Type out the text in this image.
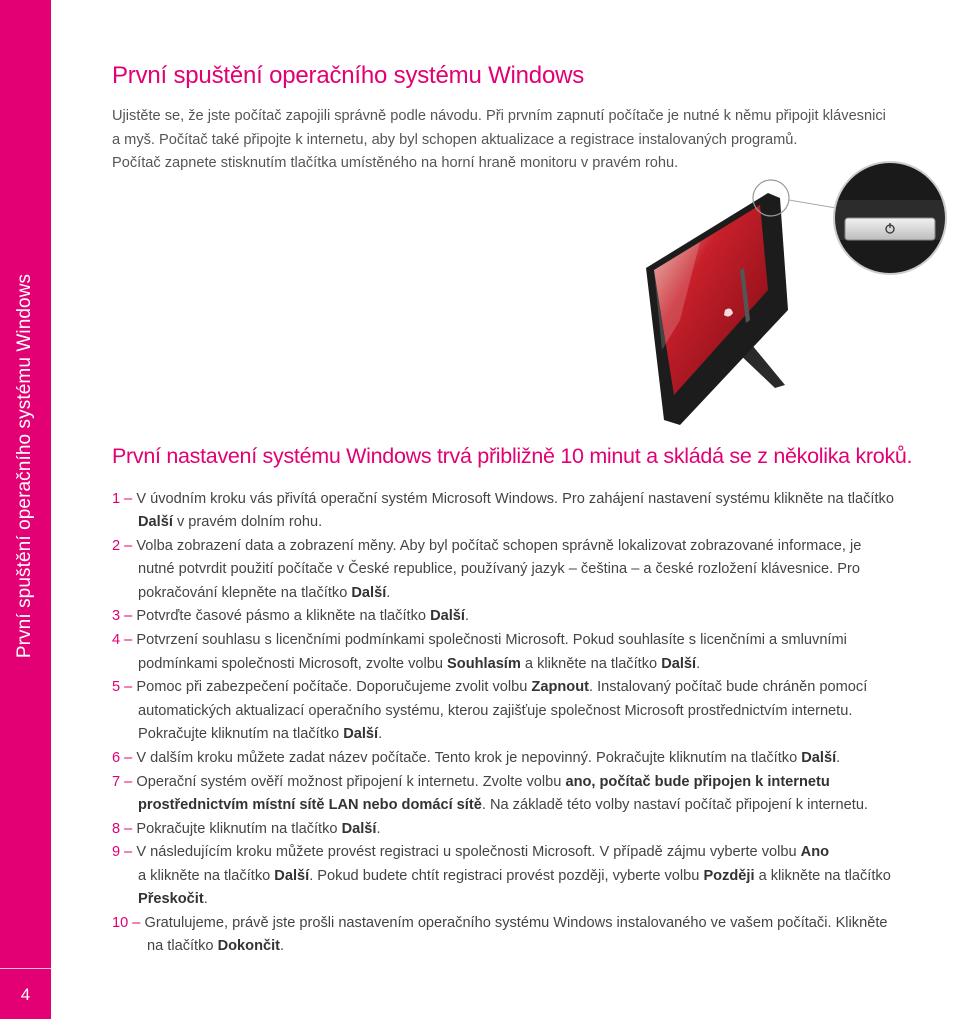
První spuštění operačního systému Windows
4
První spuštění operačního systému Windows
Ujistěte se, že jste počítač zapojili správně podle návodu. Při prvním zapnutí počítače je nutné k němu připojit klávesnici
a myš. Počítač také připojte k internetu, aby byl schopen aktualizace a registrace instalovaných programů.
Počítač zapnete stisknutím tlačítka umístěného na horní hraně monitoru v pravém rohu.
První nastavení systému Windows trvá přibližně 10 minut a skládá se z několika kroků.
1 – V úvodním kroku vás přivítá operační systém Microsoft Windows. Pro zahájení nastavení systému klikněte na tlačítko
Další v pravém dolním rohu.
2 – Volba zobrazení data a zobrazení měny. Aby byl počítač schopen správně lokalizovat zobrazované informace, je
nutné potvrdit použití počítače v České republice, používaný jazyk – čeština – a české rozložení klávesnice. Pro
pokračování klepněte na tlačítko Další.
3 – Potvrďte časové pásmo a klikněte na tlačítko Další.
4 – Potvrzení souhlasu s licenčními podmínkami společnosti Microsoft. Pokud souhlasíte s licenčními a smluvními
podmínkami společnosti Microsoft, zvolte volbu Souhlasím a klikněte na tlačítko Další.
5 – Pomoc při zabezpečení počítače. Doporučujeme zvolit volbu Zapnout. Instalovaný počítač bude chráněn pomocí
automatických aktualizací operačního systému, kterou zajišťuje společnost Microsoft prostřednictvím internetu.
Pokračujte kliknutím na tlačítko Další.
6 – V dalším kroku můžete zadat název počítače. Tento krok je nepovinný. Pokračujte kliknutím na tlačítko Další.
7 – Operační systém ověří možnost připojení k internetu. Zvolte volbu ano, počítač bude připojen k internetu
prostřednictvím místní sítě LAN nebo domácí sítě. Na základě této volby nastaví počítač připojení k internetu.
8 – Pokračujte kliknutím na tlačítko Další.
9 – V následujícím kroku můžete provést registraci u společnosti Microsoft. V případě zájmu vyberte volbu Ano
a klikněte na tlačítko Další. Pokud budete chtít registraci provést později, vyberte volbu Později a klikněte na tlačítko
Přeskočit.
10 – Gratulujeme, právě jste prošli nastavením operačního systému Windows instalovaného ve vašem počítači. Klikněte
na tlačítko Dokončit.
